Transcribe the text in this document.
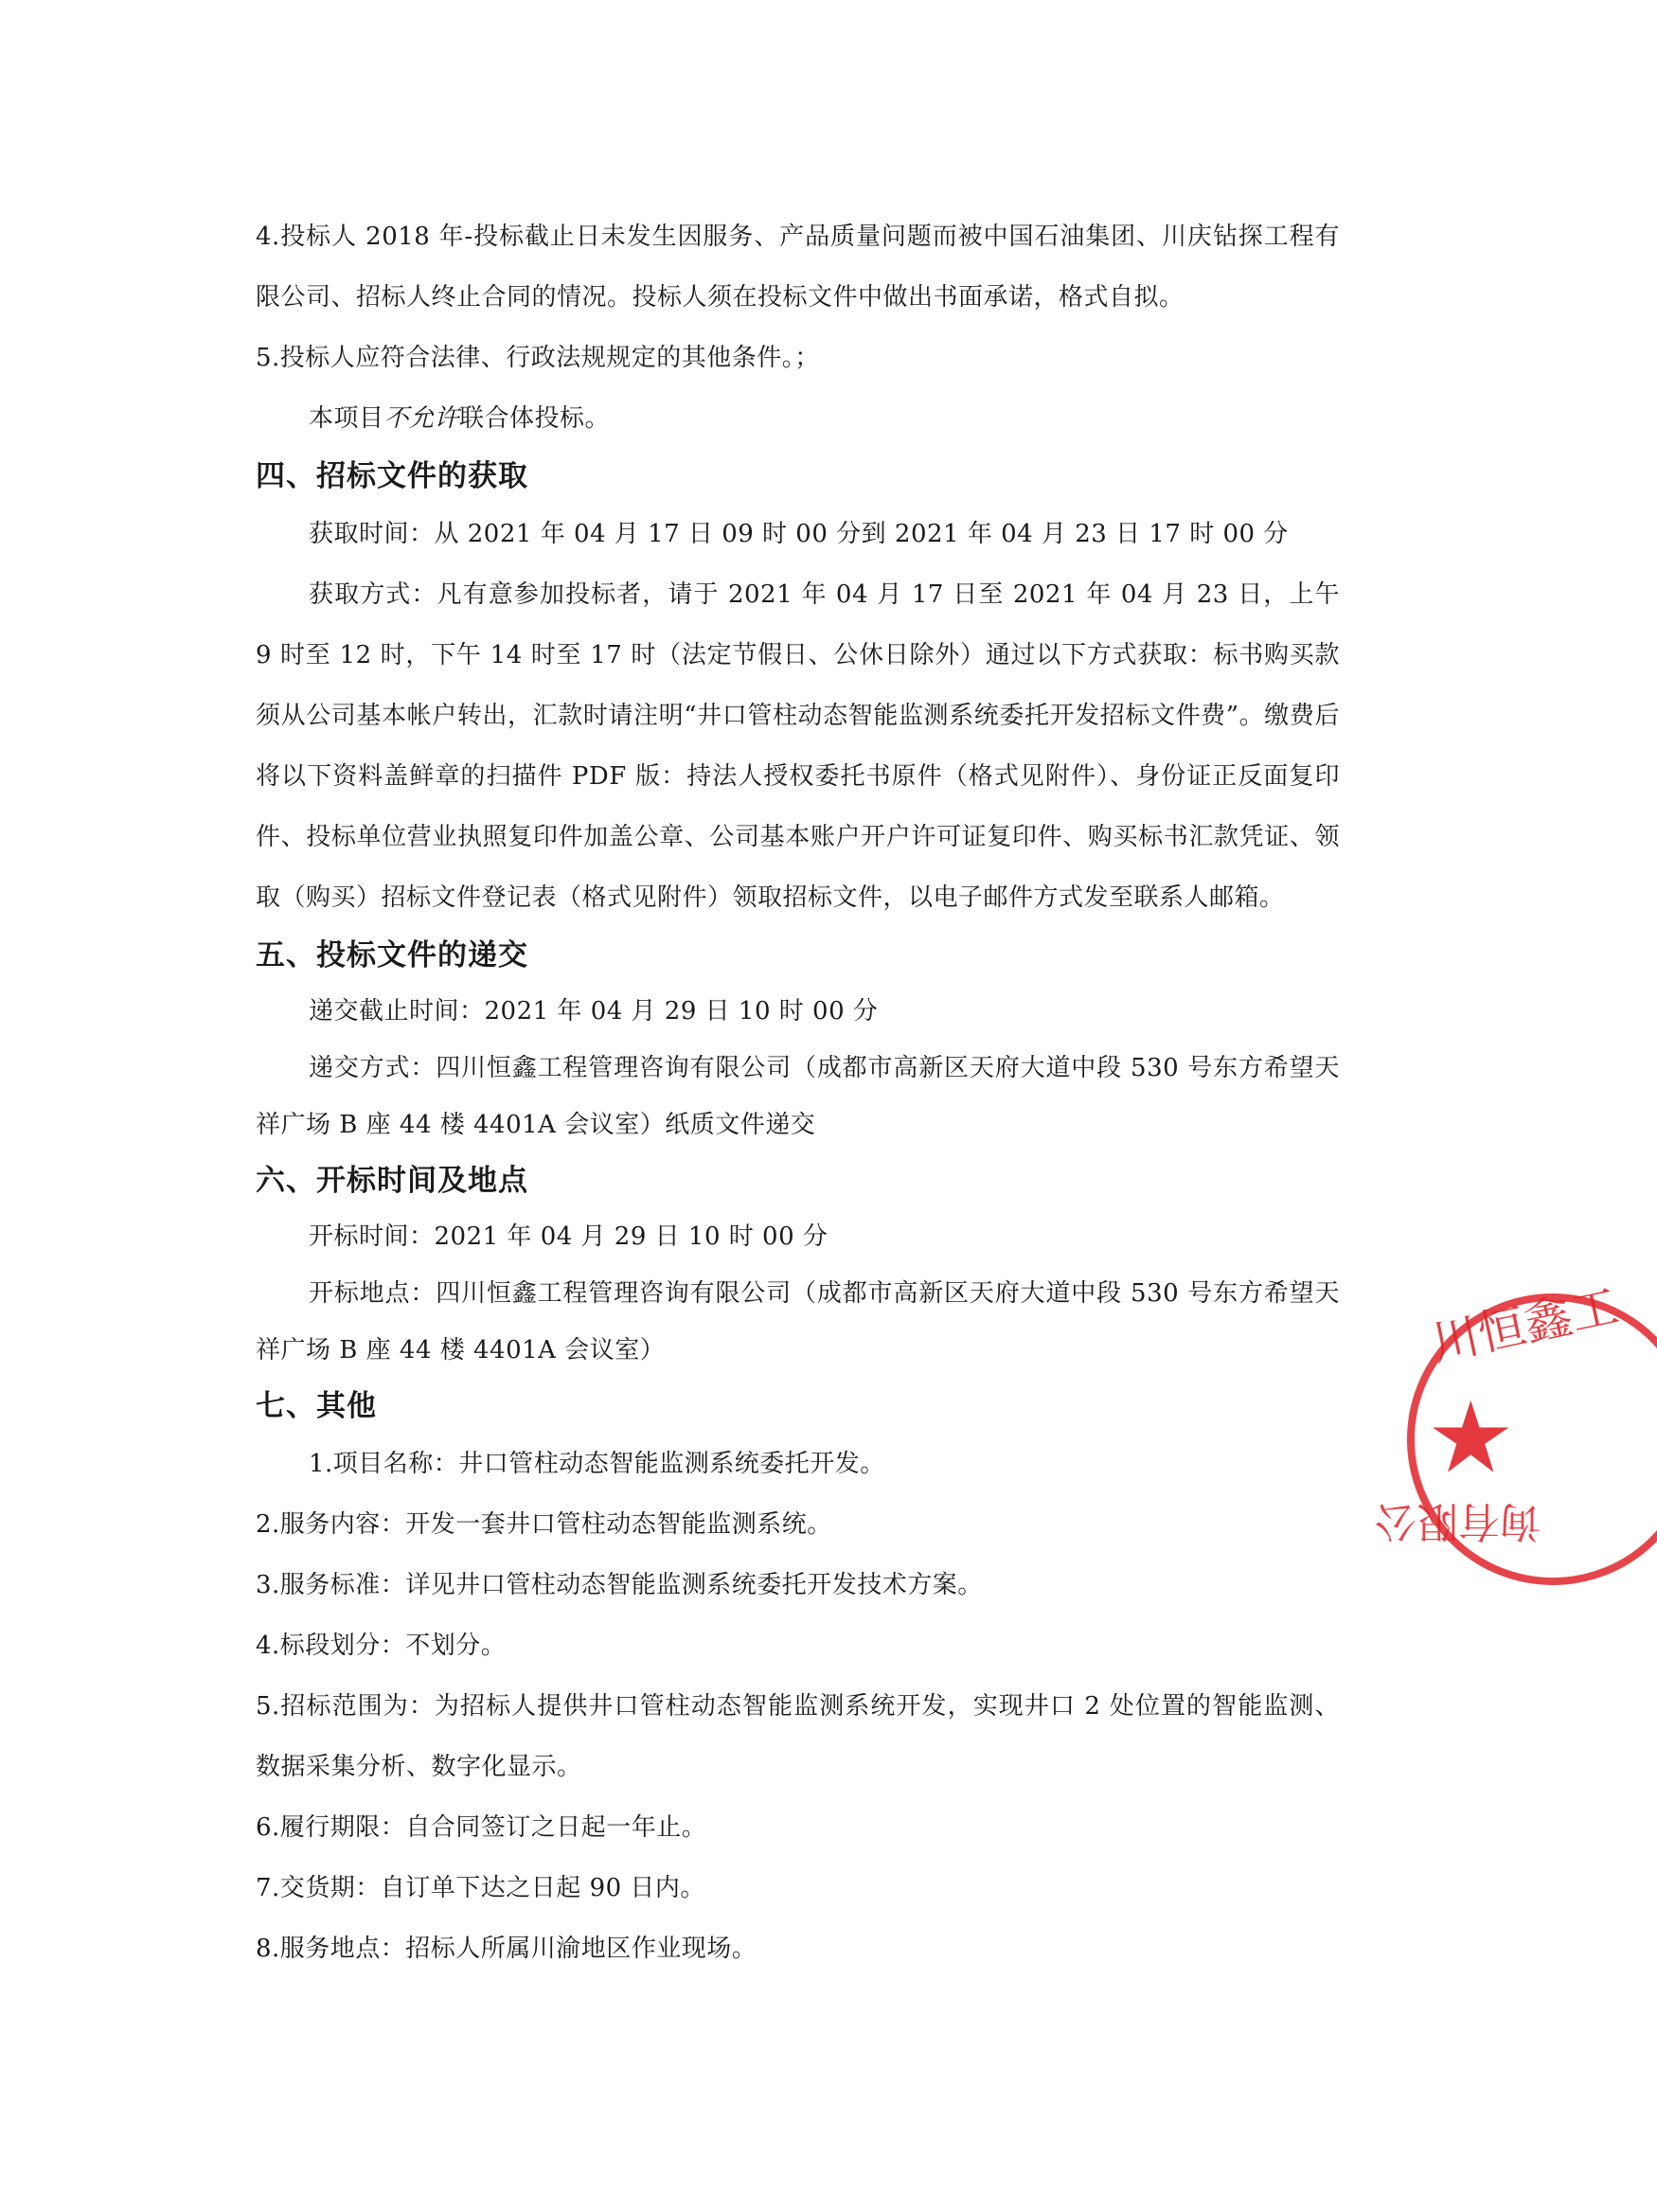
4.投标人 2018 年-投标截止日未发生因服务、产品质量问题而被中国石油集团、川庆钻探工程有限公司、招标人终止合同的情况。投标人须在投标文件中做出书面承诺，格式自拟。

5.投标人应符合法律、行政法规规定的其他条件。；

本项目不允许联合体投标。

四、招标文件的获取

获取时间：从 2021 年 04 月 17 日 09 时 00 分到 2021 年 04 月 23 日 17 时 00 分

获取方式：凡有意参加投标者，请于 2021 年 04 月 17 日至 2021 年 04 月 23 日，上午 9 时至 12 时，下午 14 时至 17 时（法定节假日、公休日除外）通过以下方式获取：标书购买款须从公司基本帐户转出，汇款时请注明“井口管柱动态智能监测系统委托开发招标文件费”。缴费后将以下资料盖鲜章的扫描件 PDF 版：持法人授权委托书原件（格式见附件）、身份证正反面复印件、投标单位营业执照复印件加盖公章、公司基本账户开户许可证复印件、购买标书汇款凭证、领取（购买）招标文件登记表（格式见附件）领取招标文件，以电子邮件方式发至联系人邮箱。

五、投标文件的递交

递交截止时间：2021 年 04 月 29 日 10 时 00 分

递交方式：四川恒鑫工程管理咨询有限公司（成都市高新区天府大道中段 530 号东方希望天祥广场 B 座 44 楼 4401A 会议室）纸质文件递交

六、开标时间及地点

开标时间：2021 年 04 月 29 日 10 时 00 分

开标地点：四川恒鑫工程管理咨询有限公司（成都市高新区天府大道中段 530 号东方希望天祥广场 B 座 44 楼 4401A 会议室）

七、其他

1.项目名称：井口管柱动态智能监测系统委托开发。

2.服务内容：开发一套井口管柱动态智能监测系统。

3.服务标准：详见井口管柱动态智能监测系统委托开发技术方案。

4.标段划分：不划分。

5.招标范围为：为招标人提供井口管柱动态智能监测系统开发，实现井口 2 处位置的智能监测、数据采集分析、数字化显示。

6.履行期限：自合同签订之日起一年止。

7.交货期：自订单下达之日起 90 日内。

8.服务地点：招标人所属川渝地区作业现场。

川恒鑫工
询有限公
